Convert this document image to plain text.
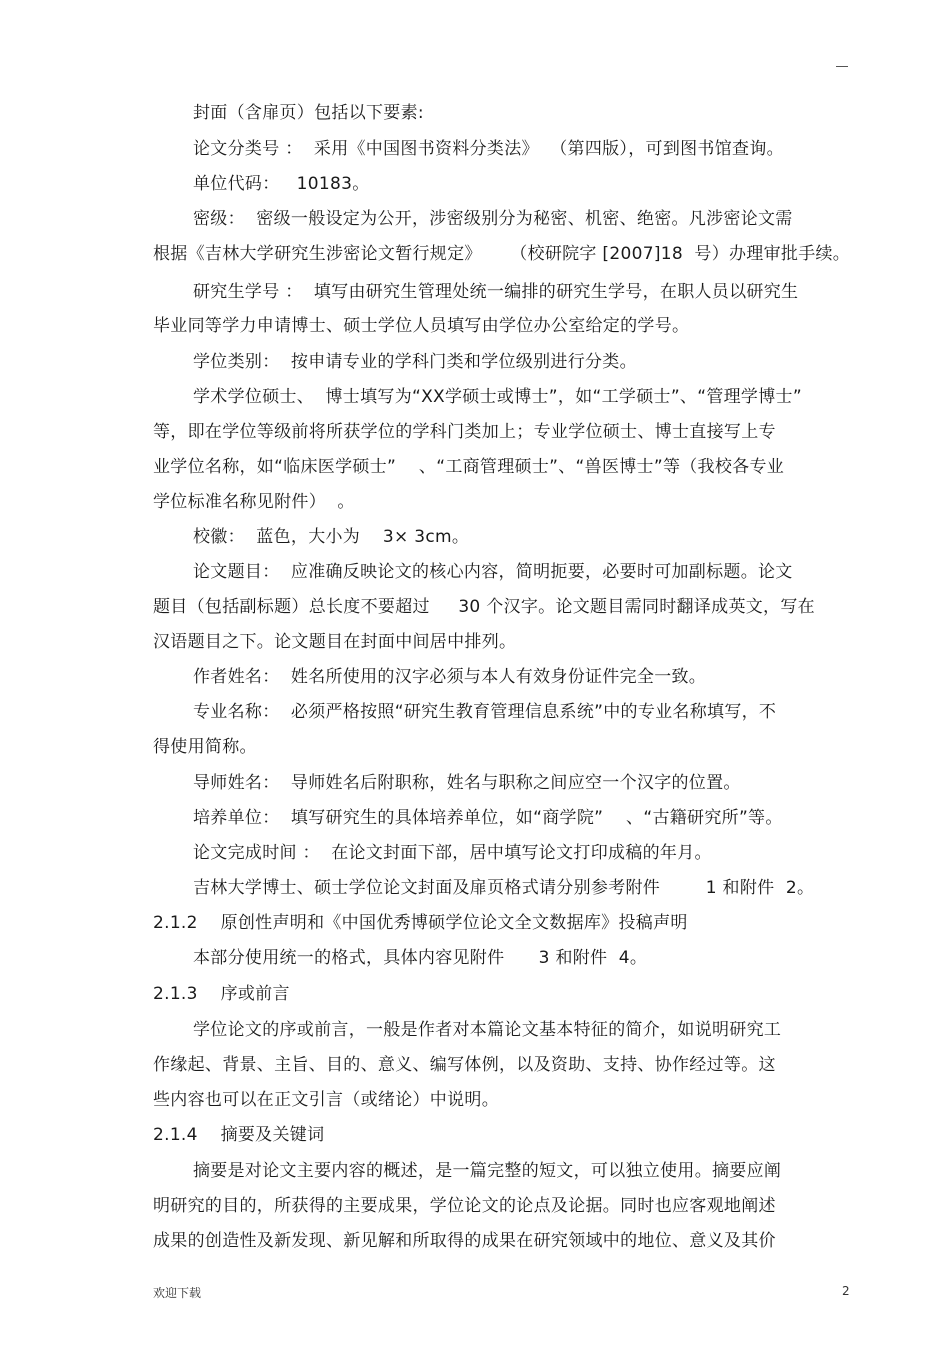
封面（含扉页）包括以下要素:
论文分类号 ：  采用《中国图书资料分类法》  （第四版），可到图书馆查询。
单位代码：   10183。
密级：  密级一般设定为公开，涉密级别分为秘密、机密、绝密。凡涉密论文需
根据《吉林大学研究生涉密论文暂行规定》     （校研院字 [2007]18  号）办理审批手续。
研究生学号 ：  填写由研究生管理处统一编排的研究生学号，在职人员以研究生
毕业同等学力申请博士、硕士学位人员填写由学位办公室给定的学号。
学位类别：  按申请专业的学科门类和学位级别进行分类。
学术学位硕士、  博士填写为“XX学硕士或博士”，如“工学硕士”、“管理学博士”
等，即在学位等级前将所获学位的学科门类加上；专业学位硕士、博士直接写上专
业学位名称，如“临床医学硕士”    、“工商管理硕士”、“兽医博士”等（我校各专业
学位标准名称见附件）  。
校徽：  蓝色，大小为    3× 3cm。
论文题目：  应准确反映论文的核心内容，简明扼要，必要时可加副标题。论文
题目（包括副标题）总长度不要超过     30 个汉字。论文题目需同时翻译成英文，写在
汉语题目之下。论文题目在封面中间居中排列。
作者姓名：  姓名所使用的汉字必须与本人有效身份证件完全一致。
专业名称：  必须严格按照“研究生教育管理信息系统”中的专业名称填写，不
得使用简称。
导师姓名：  导师姓名后附职称，姓名与职称之间应空一个汉字的位置。
培养单位：  填写研究生的具体培养单位，如“商学院”    、“古籍研究所”等。
论文完成时间 ：  在论文封面下部，居中填写论文打印成稿的年月。
吉林大学博士、硕士学位论文封面及扉页格式请分别参考附件        1 和附件  2。
2.1.2    原创性声明和《中国优秀博硕学位论文全文数据库》投稿声明
本部分使用统一的格式，具体内容见附件      3 和附件  4。
2.1.3    序或前言
学位论文的序或前言，一般是作者对本篇论文基本特征的简介，如说明研究工
作缘起、背景、主旨、目的、意义、编写体例，以及资助、支持、协作经过等。这
些内容也可以在正文引言（或绪论）中说明。
2.1.4    摘要及关键词
摘要是对论文主要内容的概述，是一篇完整的短文，可以独立使用。摘要应阐
明研究的目的，所获得的主要成果，学位论文的论点及论据。同时也应客观地阐述
成果的创造性及新发现、新见解和所取得的成果在研究领域中的地位、意义及其价
欢迎下载	2
